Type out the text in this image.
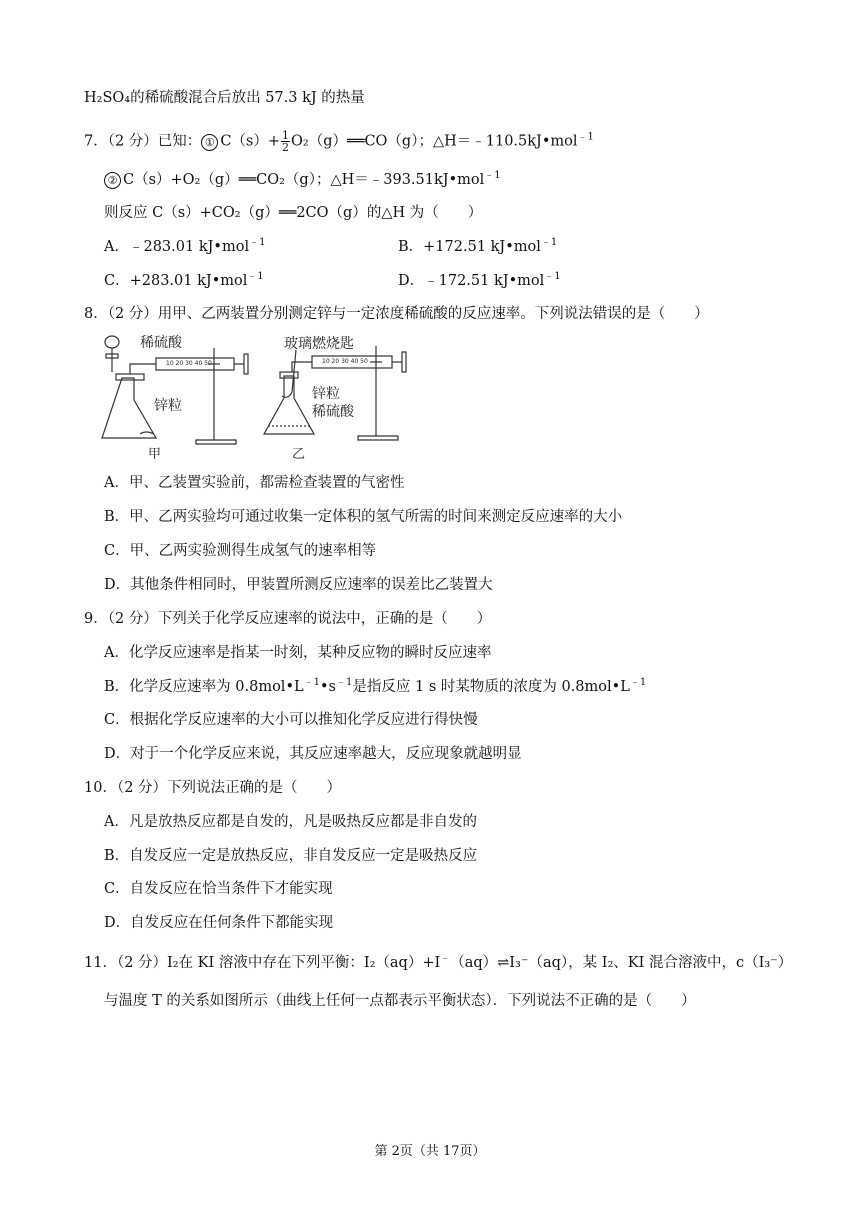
H₂SO₄的稀硫酸混合后放出 57.3 kJ 的热量
7．（2 分）已知： ① $C(s)+ \frac{1}{2}$ O₂（g）══CO（g）；△H＝﹣110.5kJ•mol$^{﹣1}$
② C（s）+O₂（g）══CO₂（g）；△H＝﹣393.51kJ•mol$^{﹣1}$
则反应 C（s）+CO₂（g）══2CO（g）的△H 为（　　）
A．﹣283.01 kJ•mol$^{﹣1}$	B．+172.51 kJ•mol$^{﹣1}$
C．+283.01 kJ•mol$^{﹣1}$	D．﹣172.51 kJ•mol$^{﹣1}$
8．（2 分）用甲、乙两装置分别测定锌与一定浓度稀硫酸的反应速率。下列说法错误的是（　　）
稀硫酸
锌粒
10 20 30 40 50
甲
玻璃燃烧匙
锌粒
稀硫酸
10 20 30 40 50
乙
A．甲、乙装置实验前，都需检查装置的气密性
B．甲、乙两实验均可通过收集一定体积的氢气所需的时间来测定反应速率的大小
C．甲、乙两实验测得生成氢气的速率相等
D．其他条件相同时，甲装置所测反应速率的误差比乙装置大
9．（2 分）下列关于化学反应速率的说法中，正确的是（　　）
A．化学反应速率是指某一时刻，某种反应物的瞬时反应速率
B．化学反应速率为 $0.8mol•L^{﹣1}•s^{﹣1}$是指反应 1 s 时某物质的浓度为 $0.8mol•L^{﹣1}$
C．根据化学反应速率的大小可以推知化学反应进行得快慢
D．对于一个化学反应来说，其反应速率越大，反应现象就越明显
10．（2 分）下列说法正确的是（　　）
A．凡是放热反应都是自发的，凡是吸热反应都是非自发的
B．自发反应一定是放热反应，非自发反应一定是吸热反应
C．自发反应在恰当条件下才能实现
D．自发反应在任何条件下都能实现
11．（2 分）I₂在 KI 溶液中存在下列平衡：I₂（aq）+I﹣（aq）⇌I₃⁻（aq），某 I₂、KI 混合溶液中，c（I₃⁻）
与温度 T 的关系如图所示（曲线上任何一点都表示平衡状态）．下列说法不正确的是（　　）
第 2页（共 17页）
